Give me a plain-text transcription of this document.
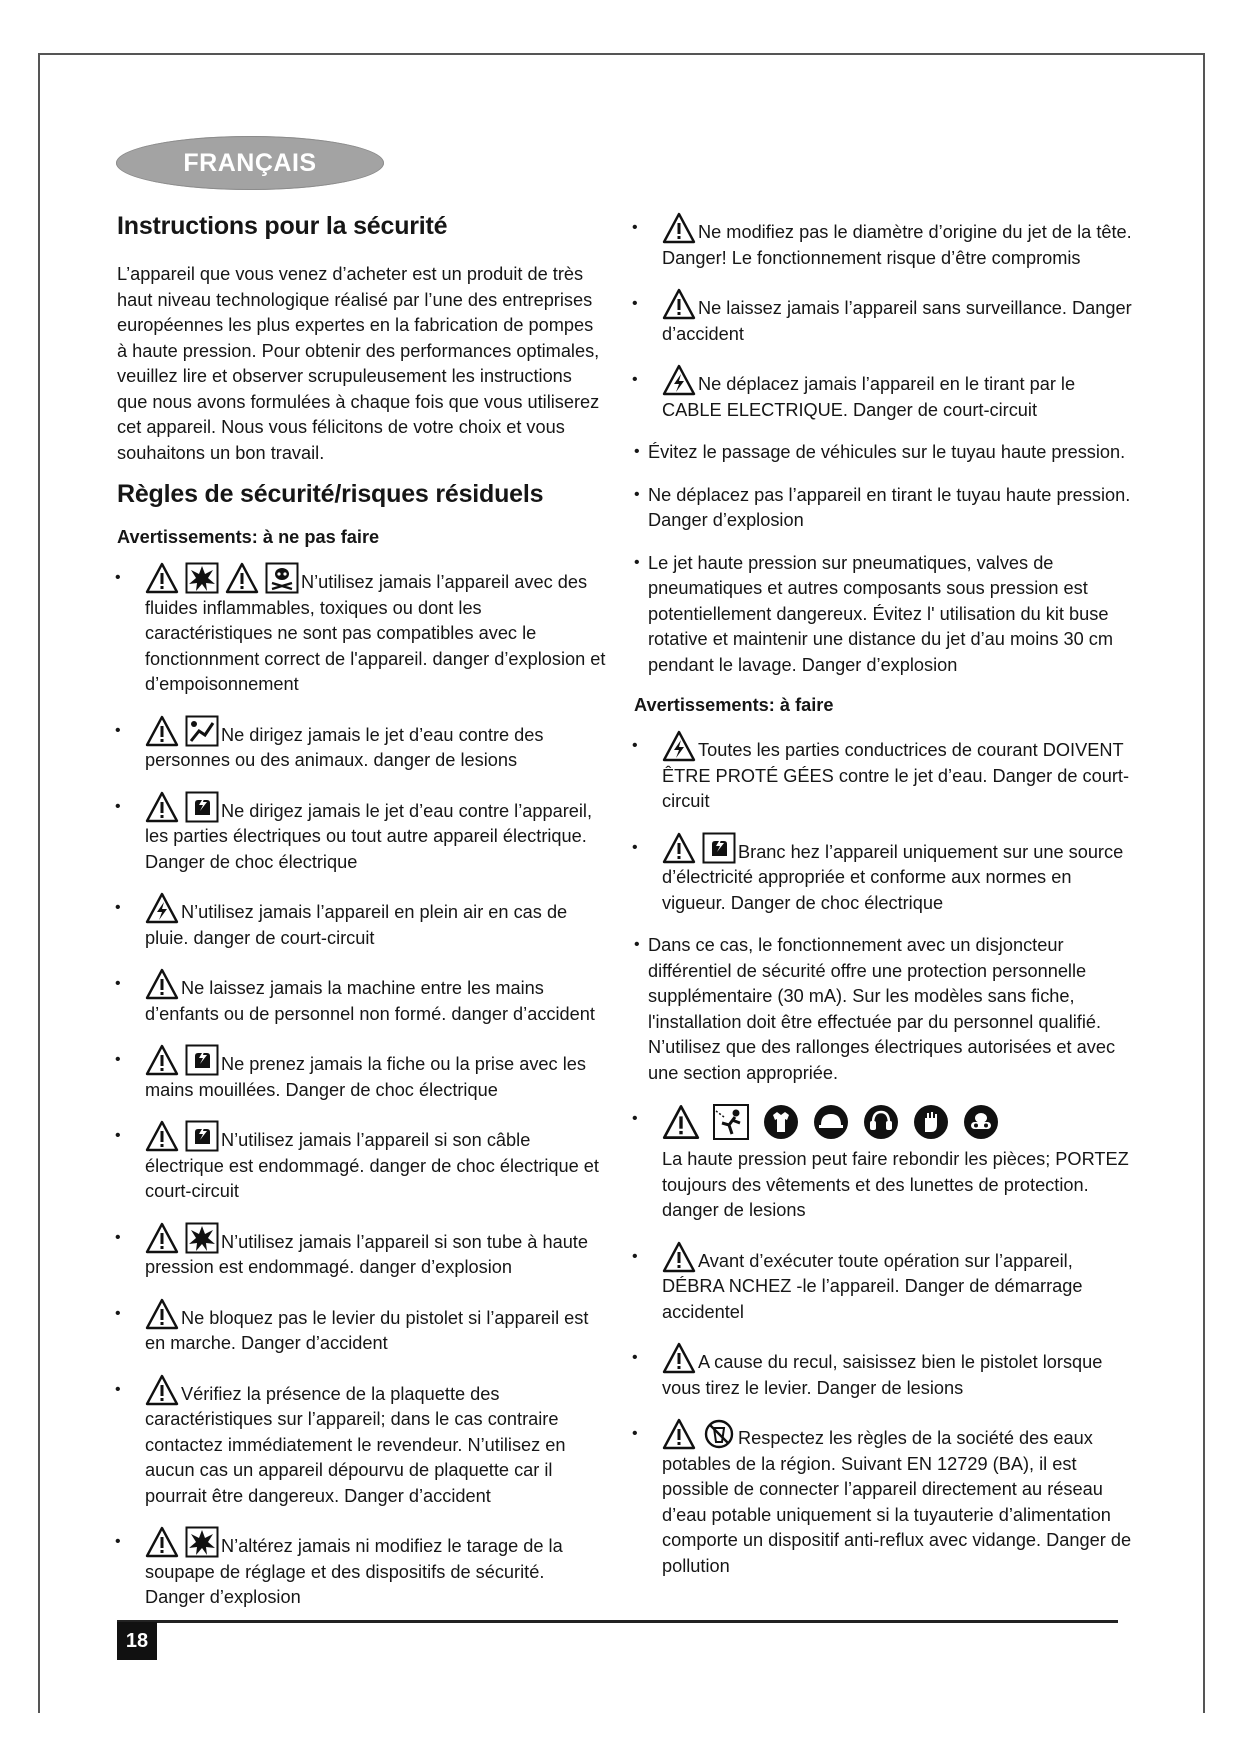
FRANÇAIS
Instructions pour la sécurité

L’appareil que vous venez d’acheter est un produit de très haut niveau technologique réalisé par l’une des entreprises européennes les plus expertes en la fabrication de pompes à haute pression. Pour obtenir des performances optimales, veuillez lire et observer scrupuleusement les instructions que nous avons formulées à chaque fois que vous utiliserez cet appareil. Nous vous félicitons de votre choix et vous souhaitons un bon travail.

Règles de sécurité/risques résiduels
Avertissements: à ne pas faire
•	N’utilisez jamais l’appareil avec des fluides inflammables, toxiques ou dont les caractéristiques ne sont pas compatibles avec le fonctionnment correct de l'appareil. danger d’explosion et d’empoisonnement
•	Ne dirigez jamais le jet d’eau contre des personnes ou des animaux. danger de lesions
•	Ne dirigez jamais le jet d’eau contre l’appareil, les parties électriques ou tout autre appareil électrique. Danger de choc électrique
•	N’utilisez jamais l’appareil en plein air en cas de pluie. danger de court-circuit
•	Ne laissez jamais la machine entre les mains d’enfants ou de personnel non formé. danger d’accident
•	Ne prenez jamais la fiche ou la prise avec les mains mouillées. Danger de choc électrique
•	N’utilisez jamais l’appareil si son câble électrique est endommagé. danger de choc électrique et court-circuit
•	N’utilisez jamais l’appareil si son tube à haute pression est endommagé. danger d’explosion
•	Ne bloquez pas le levier du pistolet si l’appareil est en marche. Danger d’accident
•	Vérifiez la présence de la plaquette des caractéristiques sur l’appareil; dans le cas contraire contactez immédiatement le revendeur. N’utilisez en aucun cas un appareil dépourvu de plaquette car il pourrait être dangereux. Danger d’accident
•	N’altérez jamais ni modifiez le tarage de la soupape de réglage et des dispositifs de sécurité. Danger d’explosion
•	Ne modifiez pas le diamètre d’origine du jet de la tête. Danger! Le fonctionnement risque d’être compromis
•	Ne laissez jamais l’appareil sans surveillance. Danger d’accident
•	Ne déplacez jamais l’appareil en le tirant par le CABLE ELECTRIQUE. Danger de court-circuit
• Évitez le passage de véhicules sur le tuyau haute pression.
• Ne déplacez pas l’appareil en tirant le tuyau haute pression. Danger d’explosion
• Le jet haute pression sur pneumatiques, valves de pneumatiques et autres composants sous pression est potentiellement dangereux. Évitez l' utilisation du kit buse rotative et maintenir une distance du jet d’au moins 30 cm pendant le lavage. Danger d’explosion
Avertissements: à faire
•	Toutes les parties conductrices de courant DOIVENT ÊTRE PROTÉ GÉES contre le jet d’eau. Danger de court-circuit
•	Branc hez l’appareil uniquement sur une source d’électricité appropriée et conforme aux normes en vigueur. Danger de choc électrique
• Dans ce cas, le fonctionnement avec un disjoncteur différentiel de sécurité offre une protection personnelle supplémentaire (30 mA). Sur les modèles sans fiche, l'installation doit être effectuée par du personnel qualifié. N’utilisez que des rallonges électriques autorisées et avec une section appropriée.
•
La haute pression peut faire rebondir les pièces; PORTEZ toujours des vêtements et des lunettes de protection. danger de lesions
•	Avant d’exécuter toute opération sur l’appareil, DÉBRA NCHEZ -le l’appareil. Danger de démarrage accidentel
•	A cause du recul, saisissez bien le pistolet lorsque vous tirez le levier. Danger de lesions
•	Respectez les règles de la société des eaux potables de la région. Suivant EN 12729 (BA), il est possible de connecter l’appareil directement au réseau d’eau potable uniquement si la tuyauterie d’alimentation comporte un dispositif anti-reflux avec vidange. Danger de pollution
18
